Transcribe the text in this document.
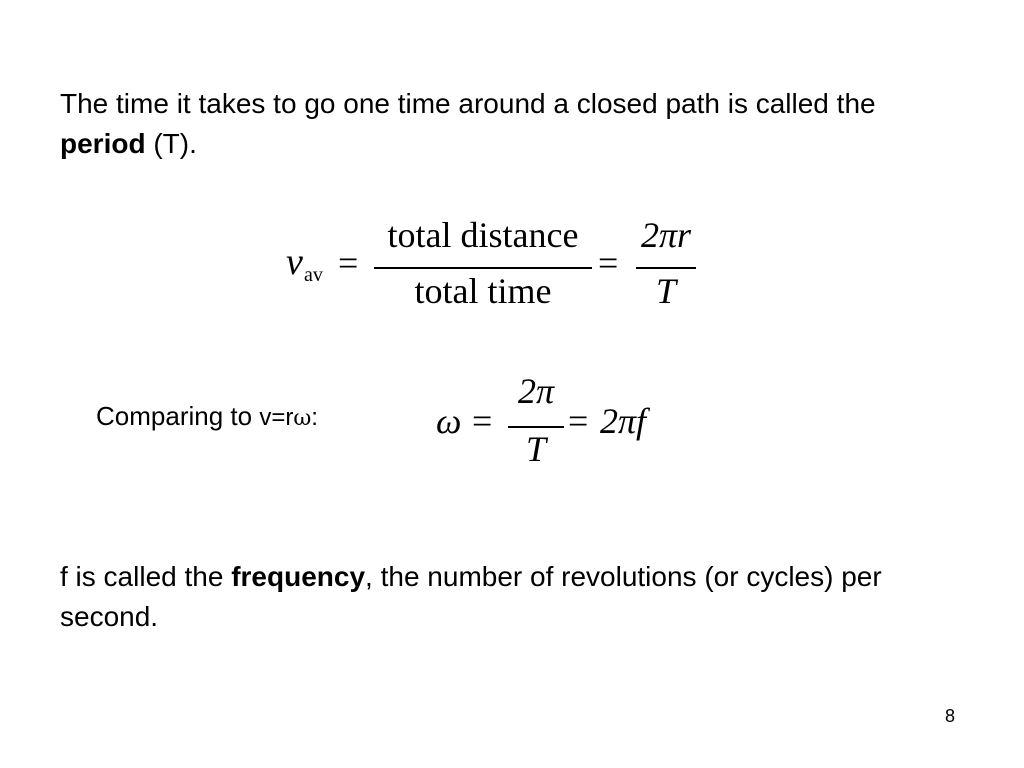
The time it takes to go one time around a closed path is called the period (T).
v av =
total distance
total time
=
2πr
T
Comparing to v=rω:	ω =
2π
T
= 2πf
f is called the frequency, the number of revolutions (or cycles) per second.
8
